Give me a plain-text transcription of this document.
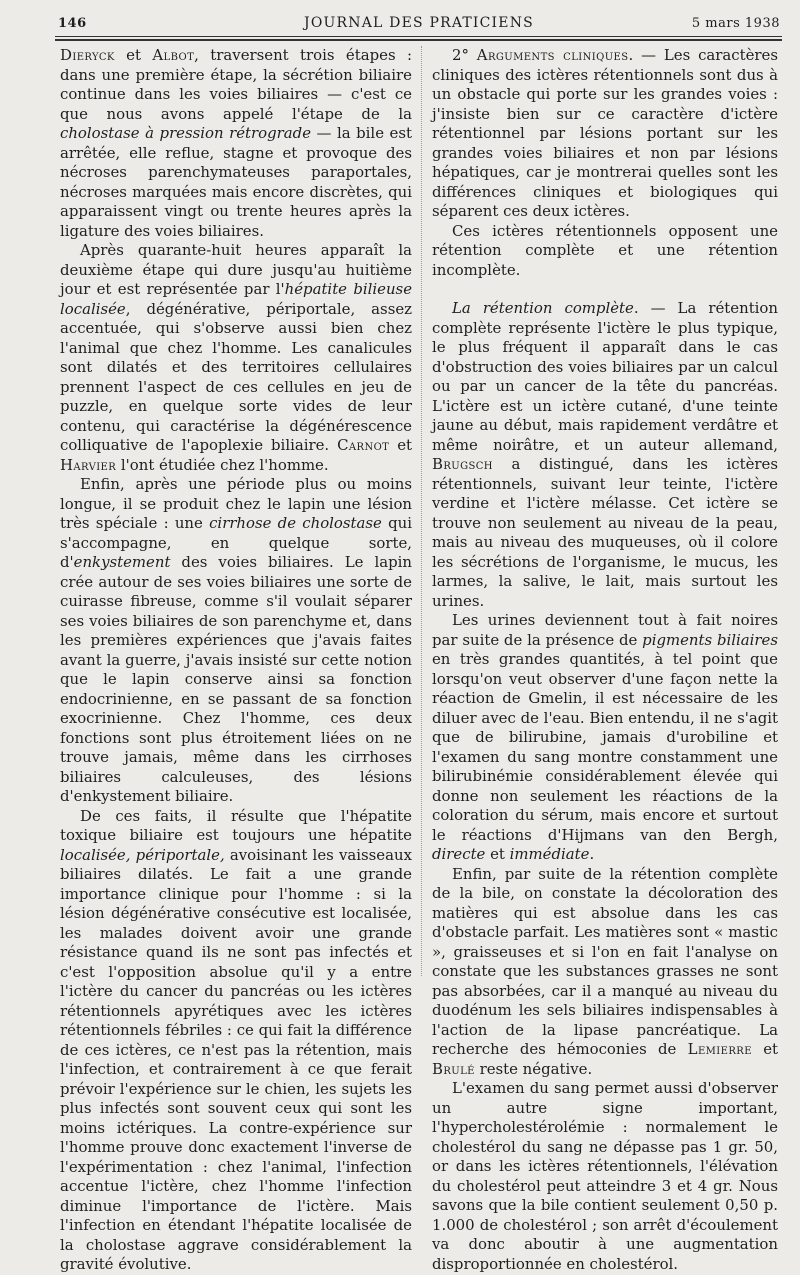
146	JOURNAL DES PRATICIENS	5 mars 1938

Dieryck et Albot, traversent trois étapes : dans une première étape, la sécrétion biliaire continue dans les voies biliaires — c'est ce que nous avons appelé l'étape de la cholostase à pression rétrograde — la bile est arrêtée, elle reflue, stagne et provoque des nécroses parenchymateuses paraportales, nécroses marquées mais encore discrètes, qui apparaissent vingt ou trente heures après la ligature des voies biliaires.

Après quarante-huit heures apparaît la deuxième étape qui dure jusqu'au huitième jour et est représentée par l'hépatite bilieuse localisée, dégénérative, périportale, assez accentuée, qui s'observe aussi bien chez l'animal que chez l'homme. Les canalicules sont dilatés et des territoires cellulaires prennent l'aspect de ces cellules en jeu de puzzle, en quelque sorte vides de leur contenu, qui caractérise la dégénérescence colliquative de l'apoplexie biliaire. Carnot et Harvier l'ont étudiée chez l'homme.

Enfin, après une période plus ou moins longue, il se produit chez le lapin une lésion très spéciale : une cirrhose de cholostase qui s'accompagne, en quelque sorte, d'enkystement des voies biliaires. Le lapin crée autour de ses voies biliaires une sorte de cuirasse fibreuse, comme s'il voulait séparer ses voies biliaires de son parenchyme et, dans les premières expériences que j'avais faites avant la guerre, j'avais insisté sur cette notion que le lapin conserve ainsi sa fonction endocrinienne, en se passant de sa fonction exocrinienne. Chez l'homme, ces deux fonctions sont plus étroitement liées on ne trouve jamais, même dans les cirrhoses biliaires calculeuses, des lésions d'enkystement biliaire.

De ces faits, il résulte que l'hépatite toxique biliaire est toujours une hépatite localisée, périportale, avoisinant les vaisseaux biliaires dilatés. Le fait a une grande importance clinique pour l'homme : si la lésion dégénérative consécutive est localisée, les malades doivent avoir une grande résistance quand ils ne sont pas infectés et c'est l'opposition absolue qu'il y a entre l'ictère du cancer du pancréas ou les ictères rétentionnels apyrétiques avec les ictères rétentionnels fébriles : ce qui fait la différence de ces ictères, ce n'est pas la rétention, mais l'infection, et contrairement à ce que ferait prévoir l'expérience sur le chien, les sujets les plus infectés sont souvent ceux qui sont les moins ictériques. La contre-expérience sur l'homme prouve donc exactement l'inverse de l'expérimentation : chez l'animal, l'infection accentue l'ictère, chez l'homme l'infection diminue l'importance de l'ictère. Mais l'infection en étendant l'hépatite localisée de la cholostase aggrave considérablement la gravité évolutive.

2° Arguments cliniques. — Les caractères cliniques des ictères rétentionnels sont dus à un obstacle qui porte sur les grandes voies : j'insiste bien sur ce caractère d'ictère rétentionnel par lésions portant sur les grandes voies biliaires et non par lésions hépatiques, car je montrerai quelles sont les différences cliniques et biologiques qui séparent ces deux ictères.

Ces ictères rétentionnels opposent une rétention complète et une rétention incomplète.

La rétention complète. — La rétention complète représente l'ictère le plus typique, le plus fréquent il apparaît dans le cas d'obstruction des voies biliaires par un calcul ou par un cancer de la tête du pancréas. L'ictère est un ictère cutané, d'une teinte jaune au début, mais rapidement verdâtre et même noirâtre, et un auteur allemand, Brugsch a distingué, dans les ictères rétentionnels, suivant leur teinte, l'ictère verdine et l'ictère mélasse. Cet ictère se trouve non seulement au niveau de la peau, mais au niveau des muqueuses, où il colore les sécrétions de l'organisme, le mucus, les larmes, la salive, le lait, mais surtout les urines.

Les urines deviennent tout à fait noires par suite de la présence de pigments biliaires en très grandes quantités, à tel point que lorsqu'on veut observer d'une façon nette la réaction de Gmelin, il est nécessaire de les diluer avec de l'eau. Bien entendu, il ne s'agit que de bilirubine, jamais d'urobiline et l'examen du sang montre constamment une bilirubinémie considérablement élevée qui donne non seulement les réactions de la coloration du sérum, mais encore et surtout le réactions d'Hijmans van den Bergh, directe et immédiate.

Enfin, par suite de la rétention complète de la bile, on constate la décoloration des matières qui est absolue dans les cas d'obstacle parfait. Les matières sont « mastic », graisseuses et si l'on en fait l'analyse on constate que les substances grasses ne sont pas absorbées, car il a manqué au niveau du duodénum les sels biliaires indispensables à l'action de la lipase pancréatique. La recherche des hémoconies de Lemierre et Brulé reste négative.

L'examen du sang permet aussi d'observer un autre signe important, l'hypercholestérolémie : normalement le cholestérol du sang ne dépasse pas 1 gr. 50, or dans les ictères rétentionnels, l'élévation du cholestérol peut atteindre 3 et 4 gr. Nous savons que la bile contient seulement 0,50 p. 1.000 de cholestérol ; son arrêt d'écoulement va donc aboutir à une augmentation disproportionnée en cholestérol.
